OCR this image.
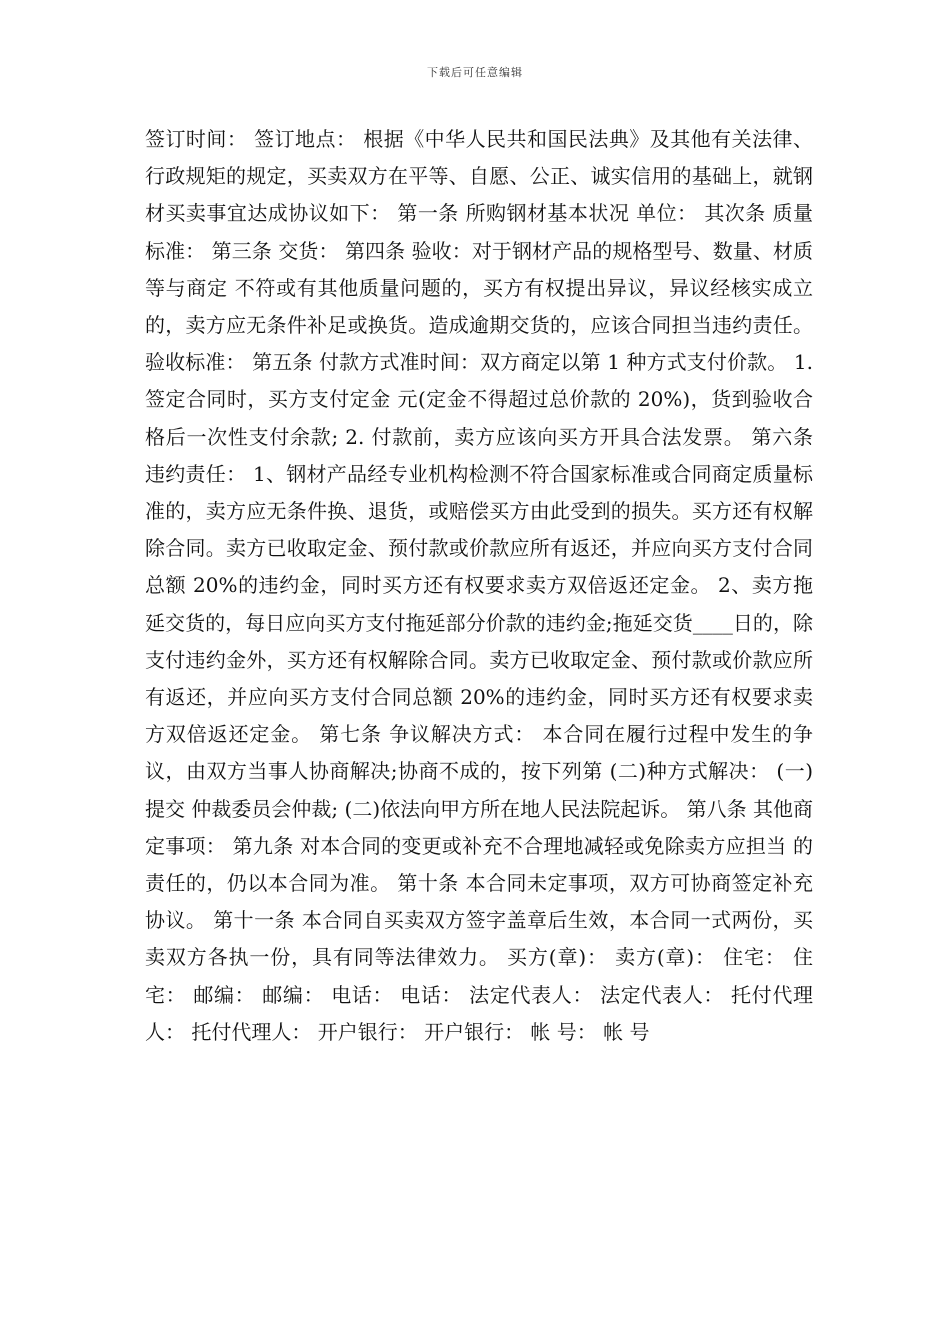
下载后可任意编辑

签订时间： 签订地点： 根据《中华人民共和国民法典》及其他有关法律、行政规矩的规定，买卖双方在平等、自愿、公正、诚实信用的基础上，就钢材买卖事宜达成协议如下： 第一条 所购钢材基本状况 单位： 其次条 质量标准： 第三条 交货： 第四条 验收：对于钢材产品的规格型号、数量、材质等与商定 不符或有其他质量问题的，买方有权提出异议，异议经核实成立的，卖方应无条件补足或换货。造成逾期交货的，应该合同担当违约责任。 验收标准： 第五条 付款方式准时间：双方商定以第 1 种方式支付价款。 1. 签定合同时，买方支付定金 元(定金不得超过总价款的 20%)，货到验收合格后一次性支付余款; 2. 付款前，卖方应该向买方开具合法发票。 第六条 违约责任： 1、钢材产品经专业机构检测不符合国家标准或合同商定质量标准的，卖方应无条件换、退货，或赔偿买方由此受到的损失。买方还有权解除合同。卖方已收取定金、预付款或价款应所有返还，并应向买方支付合同总额 20%的违约金，同时买方还有权要求卖方双倍返还定金。 2、卖方拖延交货的，每日应向买方支付拖延部分价款的违约金;拖延交货____日的，除支付违约金外，买方还有权解除合同。卖方已收取定金、预付款或价款应所有返还，并应向买方支付合同总额 20%的违约金，同时买方还有权要求卖方双倍返还定金。 第七条 争议解决方式： 本合同在履行过程中发生的争议，由双方当事人协商解决;协商不成的，按下列第 (二)种方式解决： (一)提交 仲裁委员会仲裁; (二)依法向甲方所在地人民法院起诉。 第八条 其他商定事项： 第九条 对本合同的变更或补充不合理地减轻或免除卖方应担当 的责任的，仍以本合同为准。 第十条 本合同未定事项，双方可协商签定补充协议。 第十一条 本合同自买卖双方签字盖章后生效，本合同一式两份，买卖双方各执一份，具有同等法律效力。 买方(章)： 卖方(章)： 住宅： 住宅： 邮编： 邮编： 电话： 电话： 法定代表人： 法定代表人： 托付代理人： 托付代理人： 开户银行： 开户银行： 帐 号： 帐 号
